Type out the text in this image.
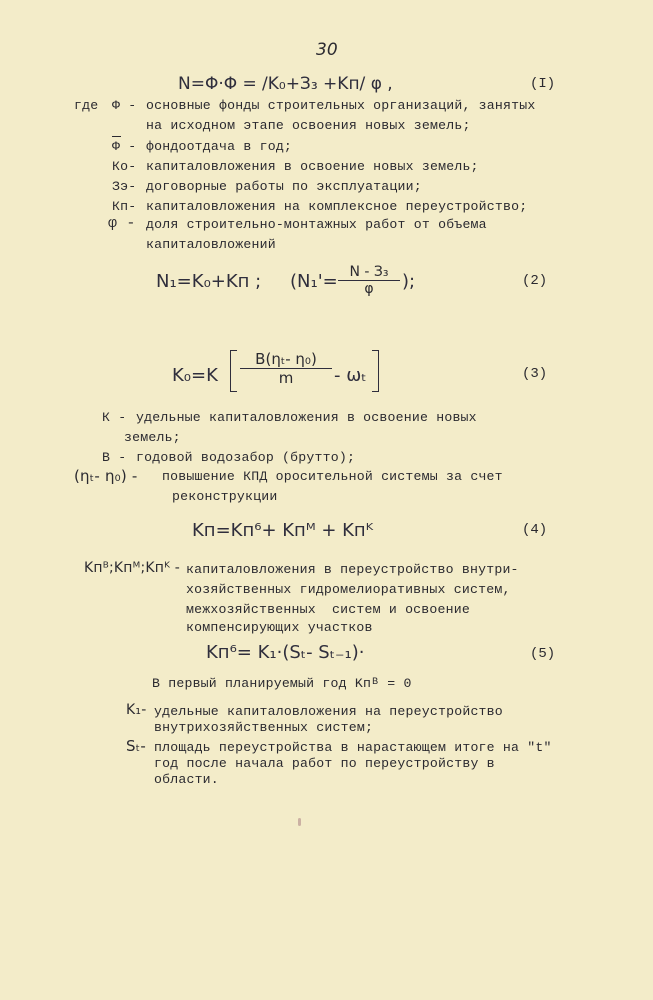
30
N=Φ·Φ = /K₀+З₃ +Kп/ φ ,	(I)
где Φ - основные фонды строительных организаций, занятых
на исходном этапе освоения новых земель;
Φ - фондоотдача в год;
Ко- капиталовложения в освоение новых земель;
Зэ- договорные работы по эксплуатации;
Кп- капиталовложения на комплексное переустройство;
φ - доля строительно-монтажных работ от объема
капиталовложений
N₁=K₀+Kп ; (N₁'= N - З₃
φ	);	(2)
$K_0=K \frac{\text{B(ηₜ- η₀)}}{m} - \omega_t$	(3)
К - удельные капиталовложения в освоение новых
земель;
В - годовой водозабор (брутто);
(ηₜ- η₀) - повышение КПД оросительной системы за счет
реконструкции
Kп=Kп⁶+ Kпᴹ + Kпᴷ	(4)
Kпᴮ;Kпᴹ;Kпᴷ - капиталовложения в переустройство внутри-
хозяйственных гидромелиоративных систем,
межхозяйственных  систем и освоение
компенсирующих участков
Kп⁶= K₁·(Sₜ- Sₜ₋₁)·	(5)
В первый планируемый год Kпᴮ = 0
K₁- удельные капиталовложения на переустройство
внутрихозяйственных систем;
Sₜ- площадь переустройства в нарастающем итоге на "t"
год после начала работ по переустройству в
области.
